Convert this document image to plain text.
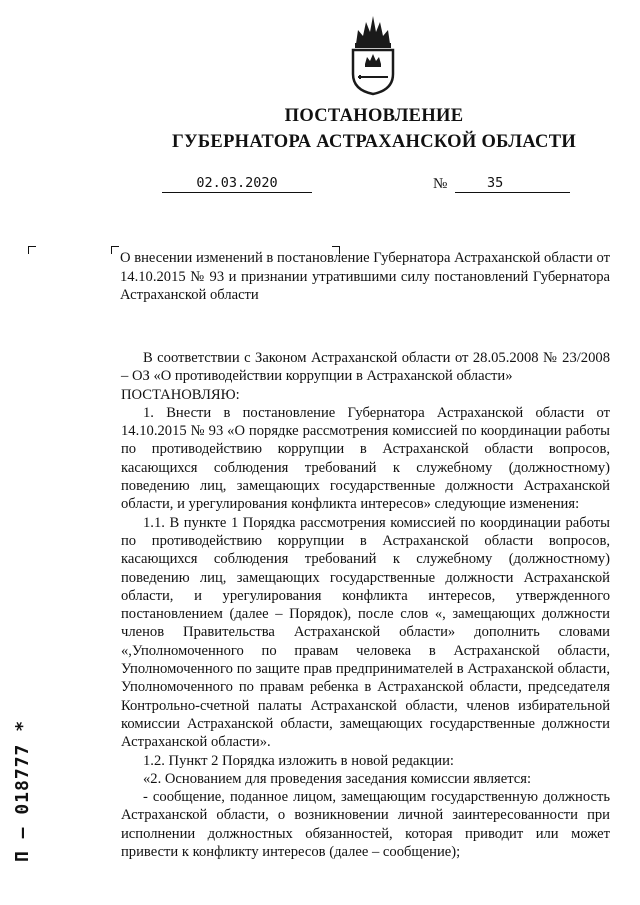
ПОСТАНОВЛЕНИЕ
ГУБЕРНАТОРА АСТРАХАНСКОЙ ОБЛАСТИ
02.03.2020	№	35
О внесении изменений в постановление Губернатора Астраханской области от 14.10.2015 № 93 и признании утратившими силу постановлений Губернатора Астраханской области

В соответствии с Законом Астраханской области от 28.05.2008 № 23/2008 – ОЗ «О противодействии коррупции в Астраханской области»

ПОСТАНОВЛЯЮ:

1. Внести в постановление Губернатора Астраханской области от 14.10.2015 № 93 «О порядке рассмотрения комиссией по координации работы по противодействию коррупции в Астраханской области вопросов, касающихся соблюдения требований к служебному (должностному) поведению лиц, замещающих государственные должности Астраханской области, и урегулирования конфликта интересов» следующие изменения:

1.1. В пункте 1 Порядка рассмотрения комиссией по координации работы по противодействию коррупции в Астраханской области вопросов, касающихся соблюдения требований к служебному (должностному) поведению лиц, замещающих государственные должности Астраханской области, и урегулирования конфликта интересов, утвержденного постановлением (далее – Порядок), после слов «, замещающих должности членов Правительства Астраханской области» дополнить словами «,Уполномоченного по правам человека в Астраханской области, Уполномоченного по защите прав предпринимателей в Астраханской области, Уполномоченного по правам ребенка в Астраханской области, председателя Контрольно-счетной палаты Астраханской области, членов избирательной комиссии Астраханской области, замещающих государственные должности Астраханской области».

1.2. Пункт 2 Порядка изложить в новой редакции:

«2. Основанием для проведения заседания комиссии является:

- сообщение, поданное лицом, замещающим государственную должность Астраханской области, о возникновении личной заинтересованности при исполнении должностных обязанностей, которая приводит или может привести к конфликту интересов (далее – сообщение);

П – 018777 *
